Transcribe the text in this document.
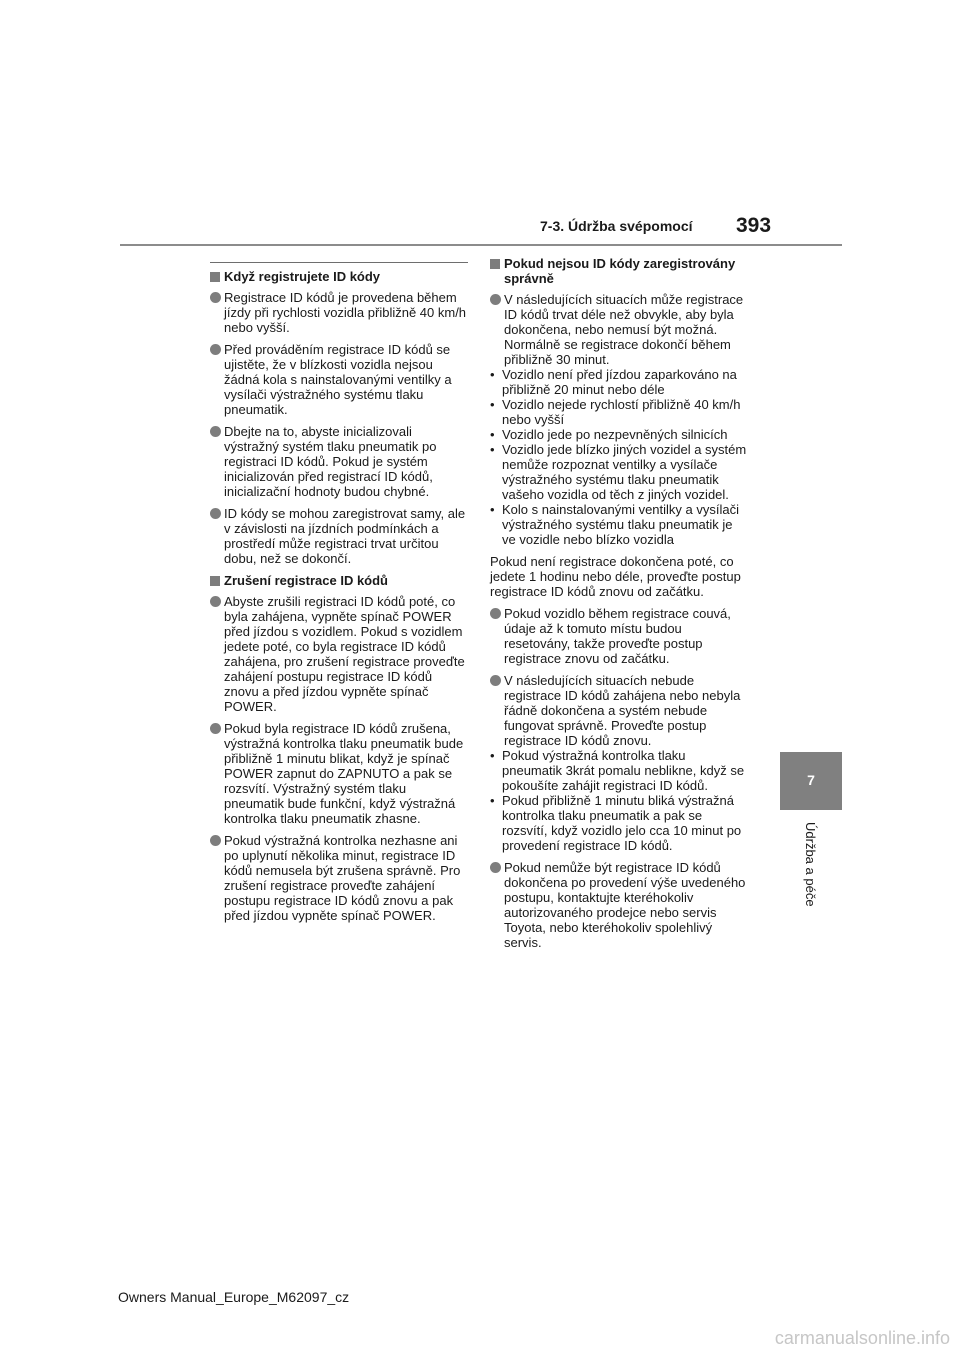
7-3. Údržba svépomocí 393
7
Údržba a péče
Když registrujete ID kódy
Registrace ID kódů je provedena během jízdy při rychlosti vozidla přibližně 40 km/h nebo vyšší.
Před prováděním registrace ID kódů se ujistěte, že v blízkosti vozidla nejsou žádná kola s nainstalovanými ventilky a vysílači výstražného systému tlaku pneumatik.
Dbejte na to, abyste inicializovali výstražný systém tlaku pneumatik po registraci ID kódů. Pokud je systém inicializován před registrací ID kódů, inicializační hodnoty budou chybné.
ID kódy se mohou zaregistrovat samy, ale v závislosti na jízdních podmínkách a prostředí může registraci trvat určitou dobu, než se dokončí.
Zrušení registrace ID kódů
Abyste zrušili registraci ID kódů poté, co byla zahájena, vypněte spínač POWER před jízdou s vozidlem. Pokud s vozidlem jedete poté, co byla registrace ID kódů zahájena, pro zrušení registrace proveďte zahájení postupu registrace ID kódů znovu a před jízdou vypněte spínač POWER.
Pokud byla registrace ID kódů zrušena, výstražná kontrolka tlaku pneumatik bude přibližně 1 minutu blikat, když je spínač POWER zapnut do ZAPNUTO a pak se rozsvítí. Výstražný systém tlaku pneumatik bude funkční, když výstražná kontrolka tlaku pneumatik zhasne.
Pokud výstražná kontrolka nezhasne ani po uplynutí několika minut, registrace ID kódů nemusela být zrušena správně. Pro zrušení registrace proveďte zahájení postupu registrace ID kódů znovu a pak před jízdou vypněte spínač POWER.
Pokud nejsou ID kódy zaregistrovány správně
V následujících situacích může registrace ID kódů trvat déle než obvykle, aby byla dokončena, nebo nemusí být možná. Normálně se registrace dokončí během přibližně 30 minut.
• Vozidlo není před jízdou zaparkováno na přibližně 20 minut nebo déle
• Vozidlo nejede rychlostí přibližně 40 km/h nebo vyšší
• Vozidlo jede po nezpevněných silnicích
• Vozidlo jede blízko jiných vozidel a systém nemůže rozpoznat ventilky a vysílače výstražného systému tlaku pneumatik vašeho vozidla od těch z jiných vozidel.
• Kolo s nainstalovanými ventilky a vysílači výstražného systému tlaku pneumatik je ve vozidle nebo blízko vozidla
Pokud není registrace dokončena poté, co jedete 1 hodinu nebo déle, proveďte postup registrace ID kódů znovu od začátku.
Pokud vozidlo během registrace couvá, údaje až k tomuto místu budou resetovány, takže proveďte postup registrace znovu od začátku.
V následujících situacích nebude registrace ID kódů zahájena nebo nebyla řádně dokončena a systém nebude fungovat správně. Proveďte postup registrace ID kódů znovu.
• Pokud výstražná kontrolka tlaku pneumatik 3krát pomalu neblikne, když se pokoušíte zahájit registraci ID kódů.
• Pokud přibližně 1 minutu bliká výstražná kontrolka tlaku pneumatik a pak se rozsvítí, když vozidlo jelo cca 10 minut po provedení registrace ID kódů.
Pokud nemůže být registrace ID kódů dokončena po provedení výše uvedeného postupu, kontaktujte kteréhokoliv autorizovaného prodejce nebo servis Toyota, nebo kteréhokoliv spolehlivý servis.
Owners Manual_Europe_M62097_cz
carmanualsonline.info
